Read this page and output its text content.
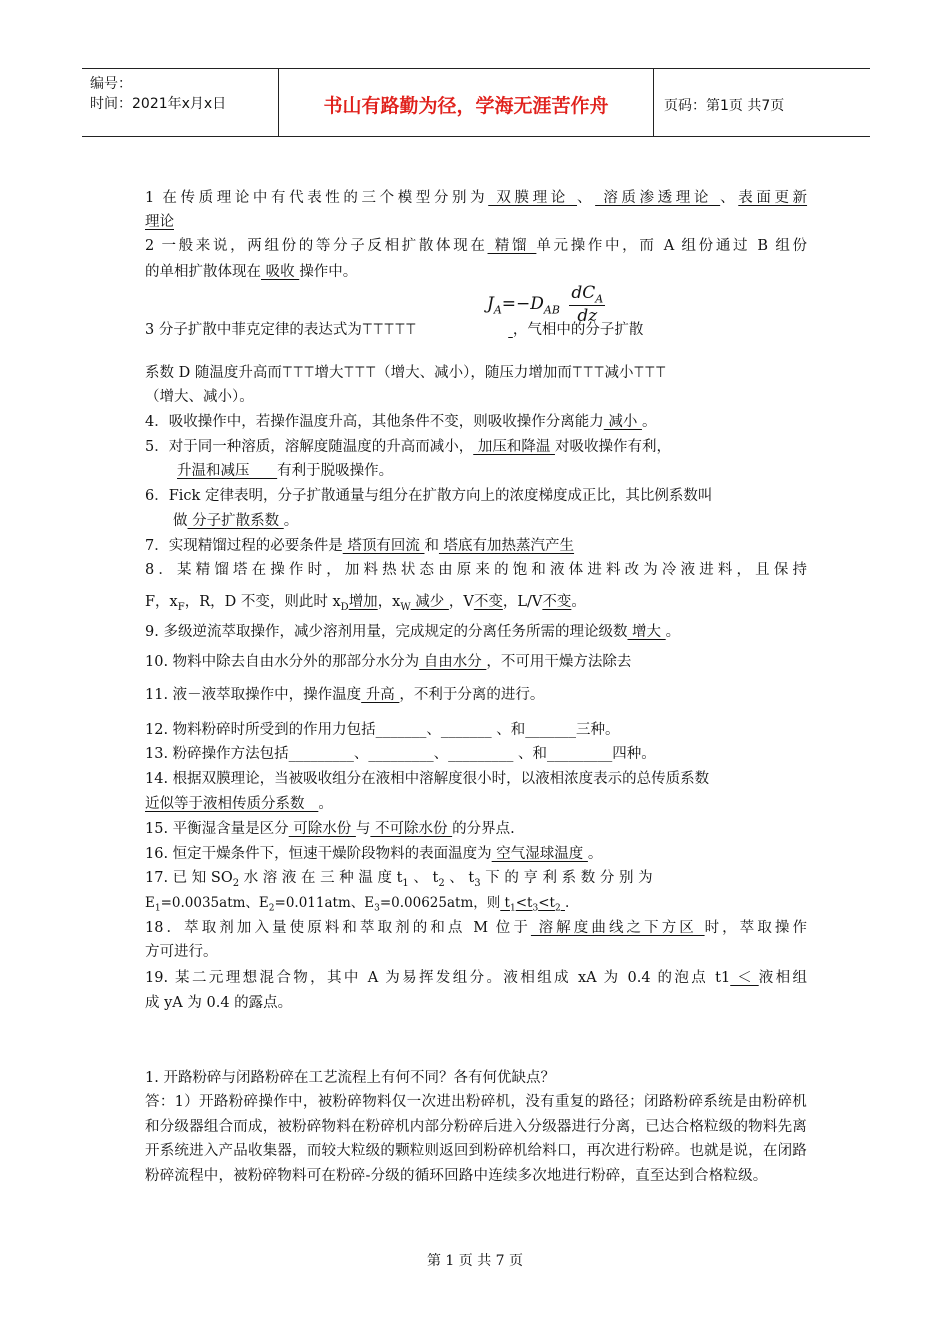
编号：
时间：2021年x月x日	书山有路勤为径，学海无涯苦作舟	页码：第1页 共7页
1 在传质理论中有代表性的三个模型分别为 双膜理论 、 溶质渗透理论 、表面更新
理论
2 一般来说，两组份的等分子反相扩散体现在 精馏 单元操作中，而 A 组份通过 B 组份
的单相扩散体现在 吸收 操作中。
$J_A=-D_{AB} \frac{dC_A}{dz}$
3 分子扩散中菲克定律的表达式为ꔋꔋꔋꔋꔋ	，气相中的分子扩散
系数 D 随温度升高而ꔋꔋꔋ增大ꔋꔋꔋ（增大、减小），随压力增加而ꔋꔋꔋ减小ꔋꔋꔋ
（增大、减小）。
4．吸收操作中，若操作温度升高，其他条件不变，则吸收操作分离能力 减小 。
5．对于同一种溶质，溶解度随温度的升高而减小， 加压和降温 对吸收操作有利，
升温和减压 有利于脱吸操作。
6．Fick 定律表明，分子扩散通量与组分在扩散方向上的浓度梯度成正比，其比例系数叫
做 分子扩散系数 。
7．实现精馏过程的必要条件是 塔顶有回流 和 塔底有加热蒸汽产生
8．某精馏塔在操作时，加料热状态由原来的饱和液体进料改为冷液进料，且保持
F，$x_F$，R，D 不变，则此时 $x_D$增加，$x_W$ 减少 ，V不变，L/V不变。
9. 多级逆流萃取操作，减少溶剂用量，完成规定的分离任务所需的理论级数 增大 。
10. 物料中除去自由水分外的那部分水分为 自由水分 ，不可用干燥方法除去
11. 液－液萃取操作中，操作温度 升高 ，不利于分离的进行。
12. 物料粉碎时所受到的作用力包括_______、_______ 、和_______三种。
13. 粉碎操作方法包括_________、_________、_________ 、和_________四种。
14. 根据双膜理论，当被吸收组分在液相中溶解度很小时，以液相浓度表示的总传质系数
近似等于液相传质分系数 。
15. 平衡湿含量是区分 可除水份 与 不可除水份 的分界点.
16. 恒定干燥条件下，恒速干燥阶段物料的表面温度为 空气湿球温度 。
17. 已 知 $SO_2$ 水 溶 液 在 三 种 温 度 $t_1$ 、 $t_2$ 、 $t_3$ 下 的 亨 利 系 数 分 别 为
$E_1=0.0035atm$、$E_2=0.011atm$、$E_3=0.00625atm$，则 $t_1<t_3<t_2$ .
18．萃取剂加入量使原料和萃取剂的和点 M 位于 溶解度曲线之下方区 时，萃取操作
方可进行。
19. 某二元理想混合物，其中 A 为易挥发组分。液相组成 xA 为 0.4 的泡点 t1 ＜ 液相组
成 yA 为 0.4 的露点。
1. 开路粉碎与闭路粉碎在工艺流程上有何不同？各有何优缺点？
答：1）开路粉碎操作中，被粉碎物料仅一次进出粉碎机，没有重复的路径；闭路粉碎系统是由粉碎机和分级器组合而成，被粉碎物料在粉碎机内部分粉碎后进入分级器进行分离，已达合格粒级的物料先离开系统进入产品收集器，而较大粒级的颗粒则返回到粉碎机给料口，再次进行粉碎。也就是说，在闭路粉碎流程中，被粉碎物料可在粉碎-分级的循环回路中连续多次地进行粉碎，直至达到合格粒级。
第 1 页 共 7 页
